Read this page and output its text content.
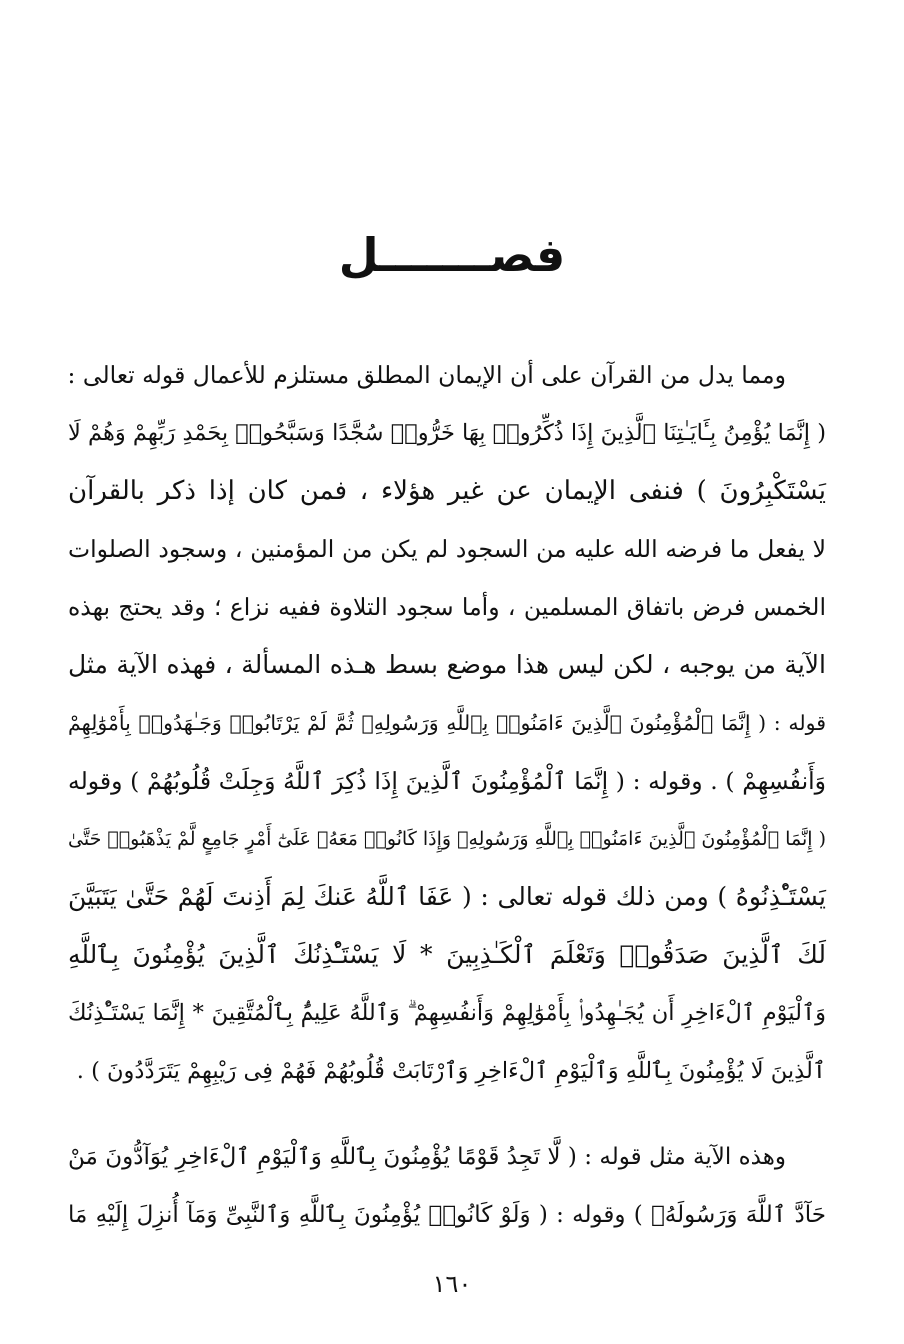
فصـــــــل
ومما يدل من القرآن على أن الإيمان المطلق مستلزم للأعمال قوله تعالى :
( إِنَّمَا يُؤْمِنُ بِـَٔايَـٰتِنَا ٱلَّذِينَ إِذَا ذُكِّرُوا۟ بِهَا خَرُّوا۟ سُجَّدًا وَسَبَّحُوا۟ بِحَمْدِ رَبِّهِمْ وَهُمْ لَا
يَسْتَكْبِرُونَ ) فنفى الإيمان عن غير هؤلاء ، فمن كان إذا ذكر بالقرآن
لا يفعل ما فرضه الله عليه من السجود لم يكن من المؤمنين ، وسجود الصلوات
الخمس فرض باتفاق المسلمين ، وأما سجود التلاوة ففيه نزاع ؛ وقد يحتج بهذه
الآية من يوجبه ، لكن ليس هذا موضع بسط هـذه المسألة ، فهذه الآية مثل
قوله : ( إِنَّمَا ٱلْمُؤْمِنُونَ ٱلَّذِينَ ءَامَنُوا۟ بِٱللَّهِ وَرَسُولِهِۦ ثُمَّ لَمْ يَرْتَابُوا۟ وَجَـٰهَدُوا۟ بِأَمْوَٰلِهِمْ
وَأَنفُسِهِمْ ) . وقوله : ( إِنَّمَا ٱلْمُؤْمِنُونَ ٱلَّذِينَ إِذَا ذُكِرَ ٱللَّهُ وَجِلَتْ قُلُوبُهُمْ ) وقوله
( إِنَّمَا ٱلْمُؤْمِنُونَ ٱلَّذِينَ ءَامَنُوا۟ بِٱللَّهِ وَرَسُولِهِۦ وَإِذَا كَانُوا۟ مَعَهُۥ عَلَىٰٓ أَمْرٍ جَامِعٍ لَّمْ يَذْهَبُوا۟ حَتَّىٰ
يَسْتَـْٔذِنُوهُ ) ومن ذلك قوله تعالى : ( عَفَا ٱللَّهُ عَنكَ لِمَ أَذِنتَ لَهُمْ حَتَّىٰ يَتَبَيَّنَ
لَكَ ٱلَّذِينَ صَدَقُوا۟ وَتَعْلَمَ ٱلْكَـٰذِبِينَ * لَا يَسْتَـْٔذِنُكَ ٱلَّذِينَ يُؤْمِنُونَ بِٱللَّهِ
وَٱلْيَوْمِ ٱلْءَاخِرِ أَن يُجَـٰهِدُوا۟ بِأَمْوَٰلِهِمْ وَأَنفُسِهِمْ ۗ وَٱللَّهُ عَلِيمٌۢ بِٱلْمُتَّقِينَ * إِنَّمَا يَسْتَـْٔذِنُكَ
ٱلَّذِينَ لَا يُؤْمِنُونَ بِٱللَّهِ وَٱلْيَوْمِ ٱلْءَاخِرِ وَٱرْتَابَتْ قُلُوبُهُمْ فَهُمْ فِى رَيْبِهِمْ يَتَرَدَّدُونَ ) .
وهذه الآية مثل قوله : ( لَّا تَجِدُ قَوْمًا يُؤْمِنُونَ بِٱللَّهِ وَٱلْيَوْمِ ٱلْءَاخِرِ يُوَآدُّونَ مَنْ
حَآدَّ ٱللَّهَ وَرَسُولَهُۥ ) وقوله : ( وَلَوْ كَانُوا۟ يُؤْمِنُونَ بِٱللَّهِ وَٱلنَّبِىِّ وَمَآ أُنزِلَ إِلَيْهِ مَا
١٦٠
